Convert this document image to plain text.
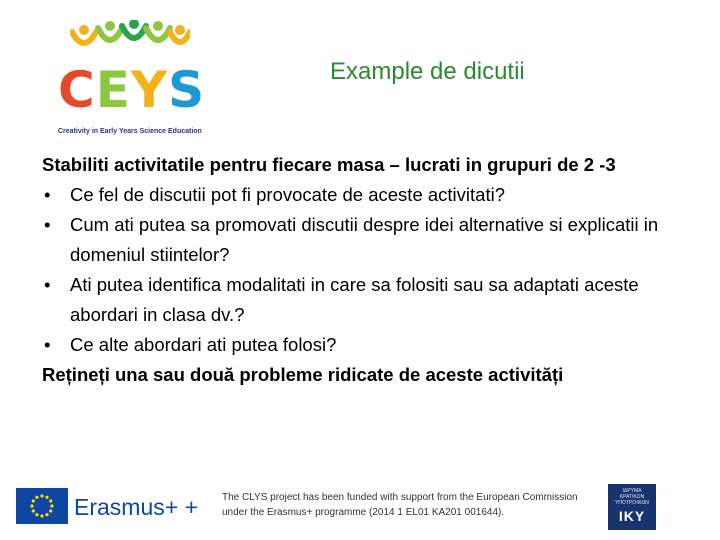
CEYS
Creativity in Early Years Science Education
Example de dicutii
Stabiliti activitatile pentru fiecare masa – lucrati in grupuri de 2 -3
• Ce fel de discutii pot fi provocate de aceste activitati?
• Cum ati putea sa promovati discutii despre idei alternative si explicatii in domeniul stiintelor?
• Ati putea identifica modalitati in care sa folositi sau sa adaptati aceste abordari in clasa dv.?
• Ce alte abordari ati putea folosi?
Rețineți una sau două probleme ridicate de aceste activități
Erasmus+ + The CLYS project has been funded with support from the European Commission under the Erasmus+ programme (2014 1 EL01 KA201 001644).
ΙΔΡΥΜΑ
ΚΡΑΤΙΚΩΝ
ΥΠΟΤΡΟΦΙΩΝ
IKY
